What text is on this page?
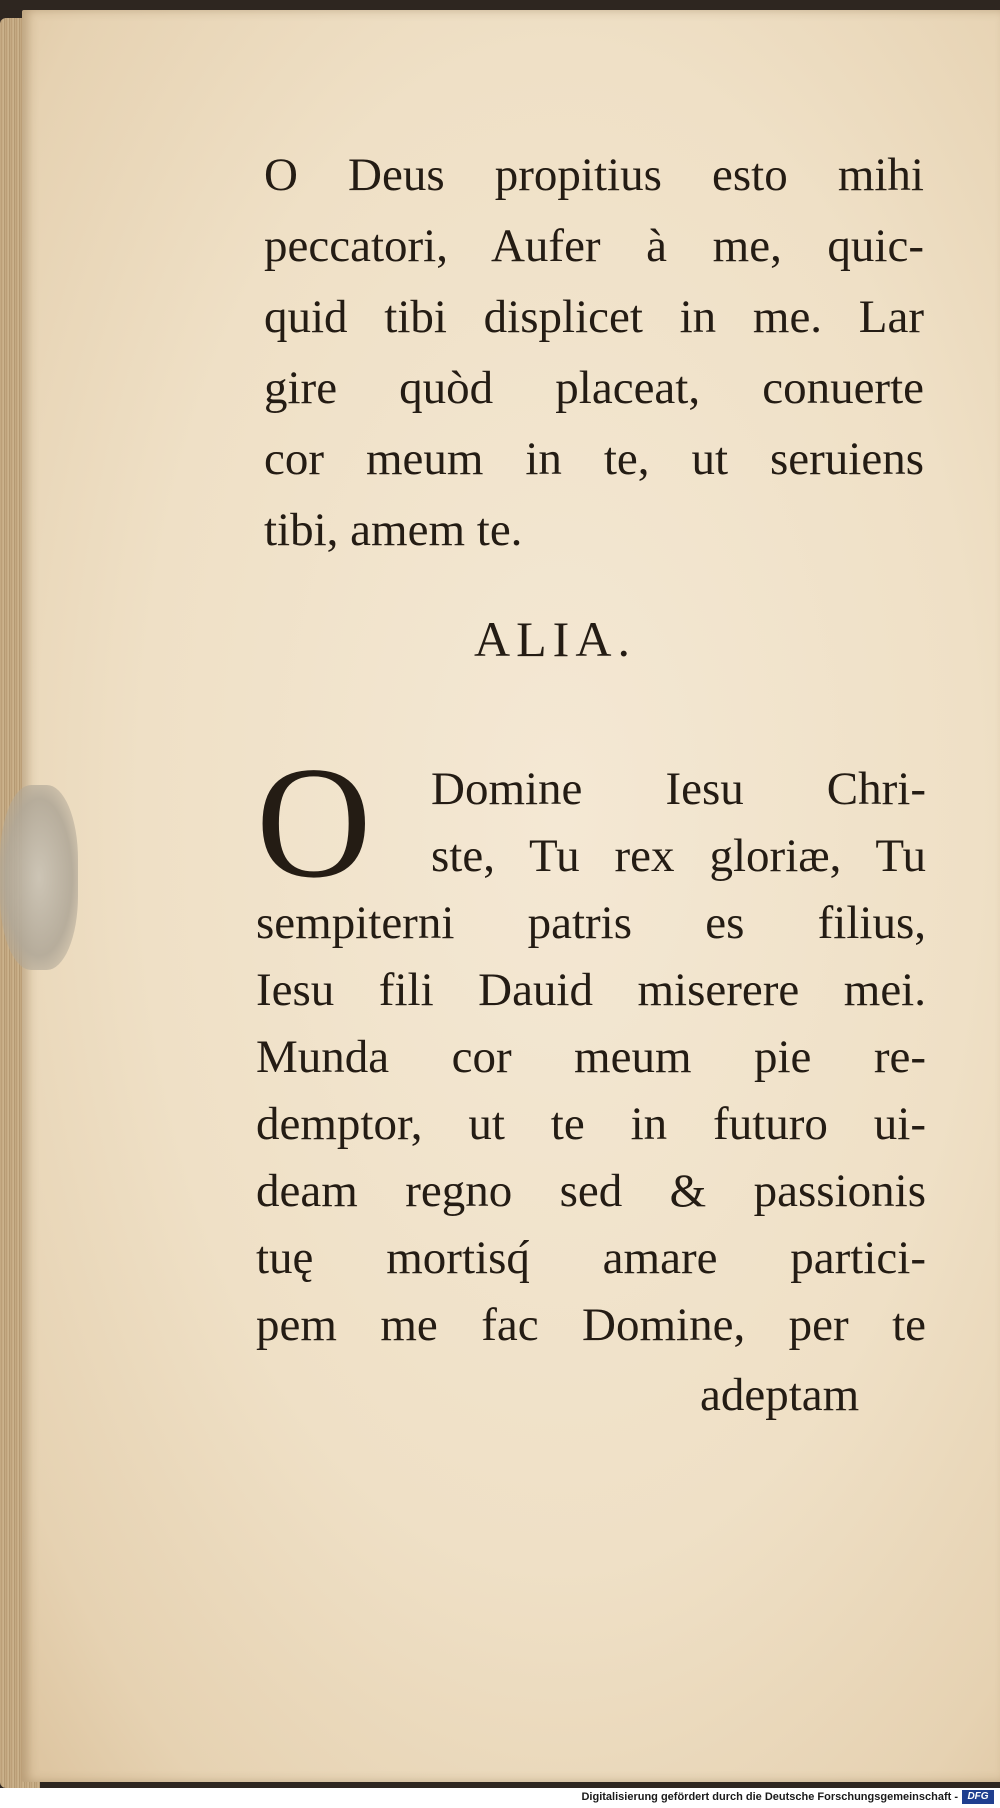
O Deus propitius esto mihi
peccatori, Aufer à me, quic-
quid tibi displicet in me. Lar
gire quòd placeat, conuerte
cor meum in te, ut seruiens
tibi, amem te.
ALIA.
O Domine Iesu Chri-
ste, Tu rex gloriæ, Tu
sempiterni patris es filius,
Iesu fili Dauid miserere mei.
Munda cor meum pie re-
demptor, ut te in futuro ui-
deam regno sed & passionis
tuę mortisq́ amare partici-
pem me fac Domine, per te
adeptam
Digitalisierung gefördert durch die Deutsche Forschungsgemeinschaft - DFG
